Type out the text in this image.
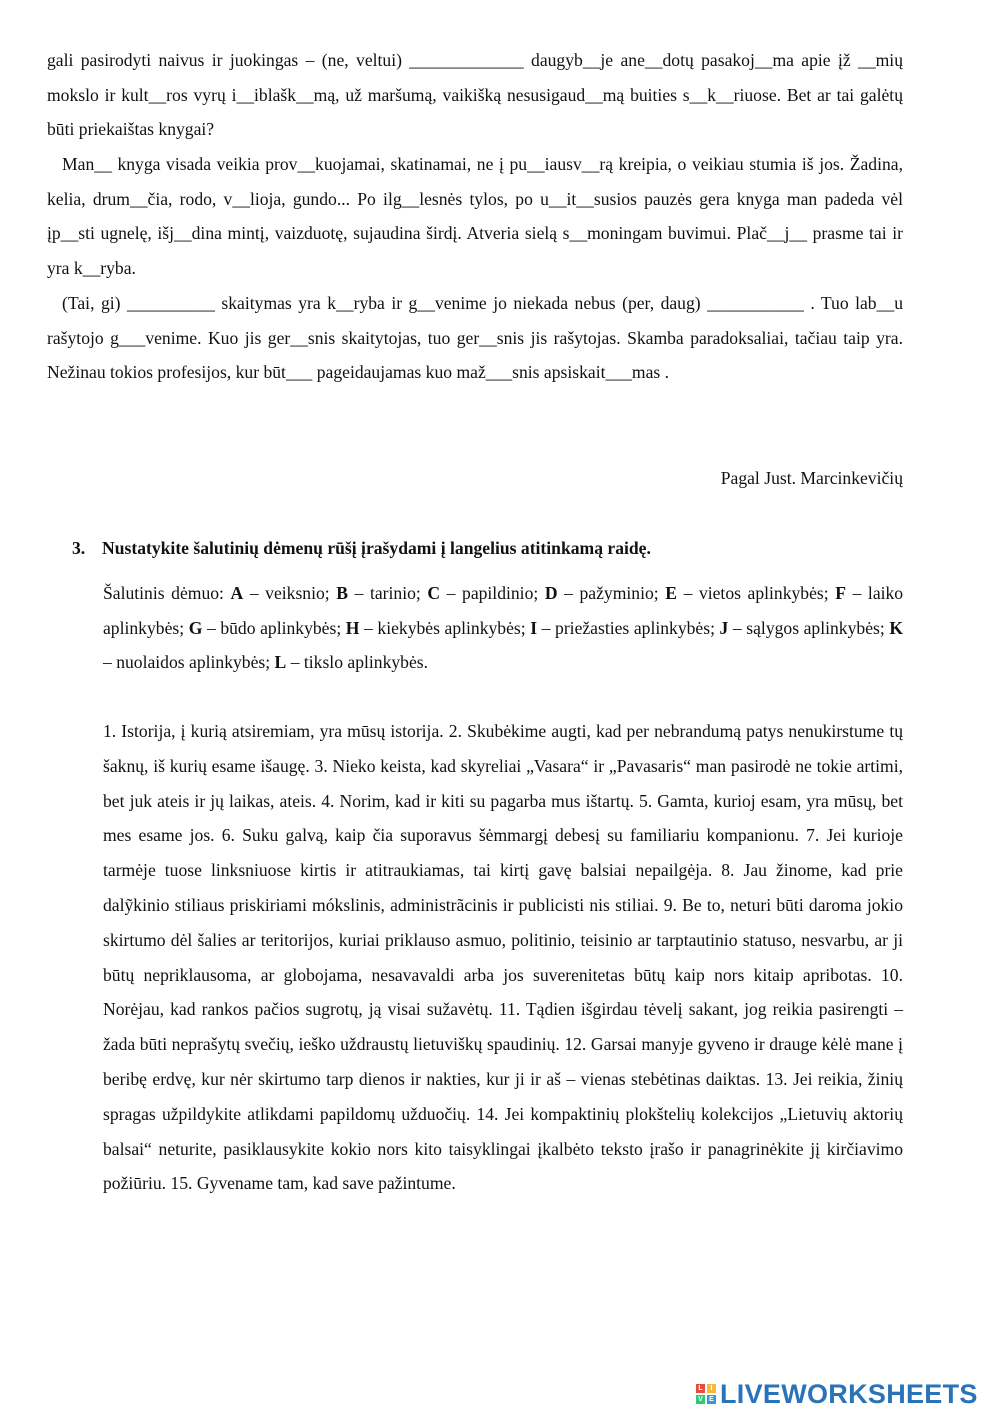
gali pasirodyti naivus ir juokingas – (ne, veltui) _____________ daugyb__je ane__dotų pasakoj__ma apie įž __mių mokslo ir kult__ros vyrų i__iblašk__mą, už maršumą, vaikišką nesusigaud__mą buities s__k__riuose. Bet ar tai galėtų būti priekaištas knygai?

Man__ knyga visada veikia prov__kuojamai, skatinamai, ne į pu__iausv__rą kreipia, o veikiau stumia iš jos. Žadina, kelia, drum__čia, rodo, v__lioja, gundo... Po ilg__lesnės tylos, po u__it__susios pauzės gera knyga man padeda vėl įp__sti ugnelę, išj__dina mintį, vaizduotę, sujaudina širdį. Atveria sielą s__moningam buvimui. Plač__j__ prasme tai ir yra k__ryba.

(Tai, gi) __________ skaitymas yra k__ryba ir g__venime jo niekada nebus (per, daug) ___________ . Tuo lab__u rašytojo g___venime. Kuo jis ger__snis skaitytojas, tuo ger__snis jis rašytojas. Skamba paradoksaliai, tačiau taip yra. Nežinau tokios profesijos, kur būt___ pageidaujamas kuo maž___snis apsiskait___mas .

Pagal Just. Marcinkevičių

3. Nustatykite šalutinių dėmenų rūšį įrašydami į langelius atitinkamą raidę.

Šalutinis dėmuo: A – veiksnio; B – tarinio; C – papildinio; D – pažyminio; E – vietos aplinkybės; F – laiko aplinkybės; G – būdo aplinkybės; H – kiekybės aplinkybės; I – priežasties aplinkybės; J – sąlygos aplinkybės; K – nuolaidos aplinkybės; L – tikslo aplinkybės.

1. Istorija, į kurią atsiremiam, yra mūsų istorija. 2. Skubėkime augti, kad per nebrandumą patys nenukirstume tų šaknų, iš kurių esame išaugę. 3. Nieko keista, kad skyreliai „Vasara“ ir „Pavasaris“ man pasirodė ne tokie artimi, bet juk ateis ir jų laikas, ateis. 4. Norim, kad ir kiti su pagarba mus ištartų. 5. Gamta, kurioj esam, yra mūsų, bet mes esame jos. 6. Suku galvą, kaip čia suporavus šėmmargį debesį su familiariu kompanionu. 7. Jei kurioje tarmėje tuose linksniuose kirtis ir atitraukiamas, tai kirtį gavę balsiai nepailgėja. 8. Jau žinome, kad prie dalỹkinio stiliaus priskiriami mókslinis, administrãcinis ir publicisti nis stiliai. 9. Be to, neturi būti daroma jokio skirtumo dėl šalies ar teritorijos, kuriai priklauso asmuo, politinio, teisinio ar tarptautinio statuso, nesvarbu, ar ji būtų nepriklausoma, ar globojama, nesavavaldi arba jos suverenitetas būtų kaip nors kitaip apribotas. 10. Norėjau, kad rankos pačios sugrotų, ją visai sužavėtų. 11. Tądien išgirdau tėvelį sakant, jog reikia pasirengti – žada būti neprašytų svečių, ieško uždraustų lietuviškų spaudinių. 12. Garsai manyje gyveno ir drauge kėlė mane į beribę erdvę, kur nėr skirtumo tarp dienos ir nakties, kur ji ir aš – vienas stebėtinas daiktas. 13. Jei reikia, žinių spragas užpildykite atlikdami papildomų užduočių. 14. Jei kompaktinių plokštelių kolekcijos „Lietuvių aktorių balsai“ neturite, pasiklausykite kokio nors kito taisyklingai įkalbėto teksto įrašo ir panagrinėkite jį kirčiavimo požiūriu. 15. Gyvename tam, kad save pažintume.

L	I
V E LIVEWORKSHEETS
